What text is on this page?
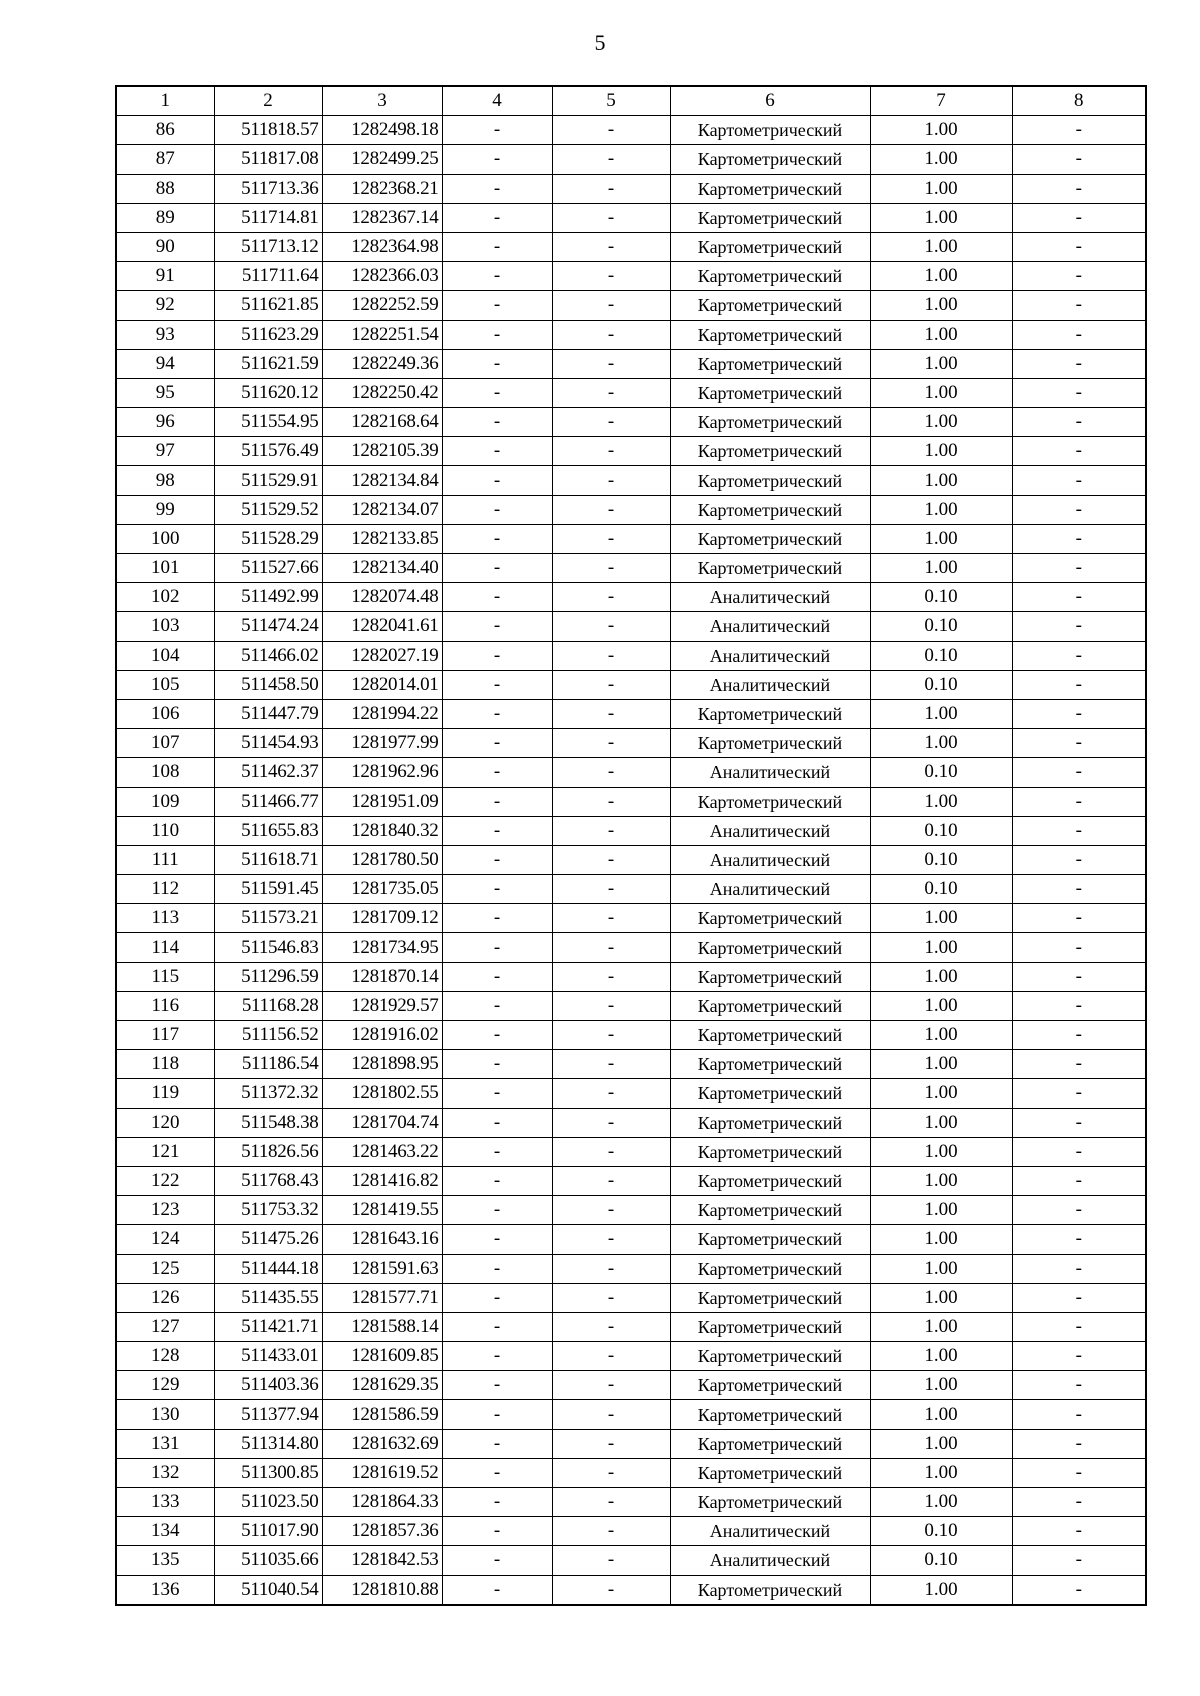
5
1	2	3	4	5	6	7	8
86	511818.57	1282498.18	-	-	Картометрический	1.00	-
87	511817.08	1282499.25	-	-	Картометрический	1.00	-
88	511713.36	1282368.21	-	-	Картометрический	1.00	-
89	511714.81	1282367.14	-	-	Картометрический	1.00	-
90	511713.12	1282364.98	-	-	Картометрический	1.00	-
91	511711.64	1282366.03	-	-	Картометрический	1.00	-
92	511621.85	1282252.59	-	-	Картометрический	1.00	-
93	511623.29	1282251.54	-	-	Картометрический	1.00	-
94	511621.59	1282249.36	-	-	Картометрический	1.00	-
95	511620.12	1282250.42	-	-	Картометрический	1.00	-
96	511554.95	1282168.64	-	-	Картометрический	1.00	-
97	511576.49	1282105.39	-	-	Картометрический	1.00	-
98	511529.91	1282134.84	-	-	Картометрический	1.00	-
99	511529.52	1282134.07	-	-	Картометрический	1.00	-
100	511528.29	1282133.85	-	-	Картометрический	1.00	-
101	511527.66	1282134.40	-	-	Картометрический	1.00	-
102	511492.99	1282074.48	-	-	Аналитический	0.10	-
103	511474.24	1282041.61	-	-	Аналитический	0.10	-
104	511466.02	1282027.19	-	-	Аналитический	0.10	-
105	511458.50	1282014.01	-	-	Аналитический	0.10	-
106	511447.79	1281994.22	-	-	Картометрический	1.00	-
107	511454.93	1281977.99	-	-	Картометрический	1.00	-
108	511462.37	1281962.96	-	-	Аналитический	0.10	-
109	511466.77	1281951.09	-	-	Картометрический	1.00	-
110	511655.83	1281840.32	-	-	Аналитический	0.10	-
111	511618.71	1281780.50	-	-	Аналитический	0.10	-
112	511591.45	1281735.05	-	-	Аналитический	0.10	-
113	511573.21	1281709.12	-	-	Картометрический	1.00	-
114	511546.83	1281734.95	-	-	Картометрический	1.00	-
115	511296.59	1281870.14	-	-	Картометрический	1.00	-
116	511168.28	1281929.57	-	-	Картометрический	1.00	-
117	511156.52	1281916.02	-	-	Картометрический	1.00	-
118	511186.54	1281898.95	-	-	Картометрический	1.00	-
119	511372.32	1281802.55	-	-	Картометрический	1.00	-
120	511548.38	1281704.74	-	-	Картометрический	1.00	-
121	511826.56	1281463.22	-	-	Картометрический	1.00	-
122	511768.43	1281416.82	-	-	Картометрический	1.00	-
123	511753.32	1281419.55	-	-	Картометрический	1.00	-
124	511475.26	1281643.16	-	-	Картометрический	1.00	-
125	511444.18	1281591.63	-	-	Картометрический	1.00	-
126	511435.55	1281577.71	-	-	Картометрический	1.00	-
127	511421.71	1281588.14	-	-	Картометрический	1.00	-
128	511433.01	1281609.85	-	-	Картометрический	1.00	-
129	511403.36	1281629.35	-	-	Картометрический	1.00	-
130	511377.94	1281586.59	-	-	Картометрический	1.00	-
131	511314.80	1281632.69	-	-	Картометрический	1.00	-
132	511300.85	1281619.52	-	-	Картометрический	1.00	-
133	511023.50	1281864.33	-	-	Картометрический	1.00	-
134	511017.90	1281857.36	-	-	Аналитический	0.10	-
135	511035.66	1281842.53	-	-	Аналитический	0.10	-
136	511040.54	1281810.88	-	-	Картометрический	1.00	-
